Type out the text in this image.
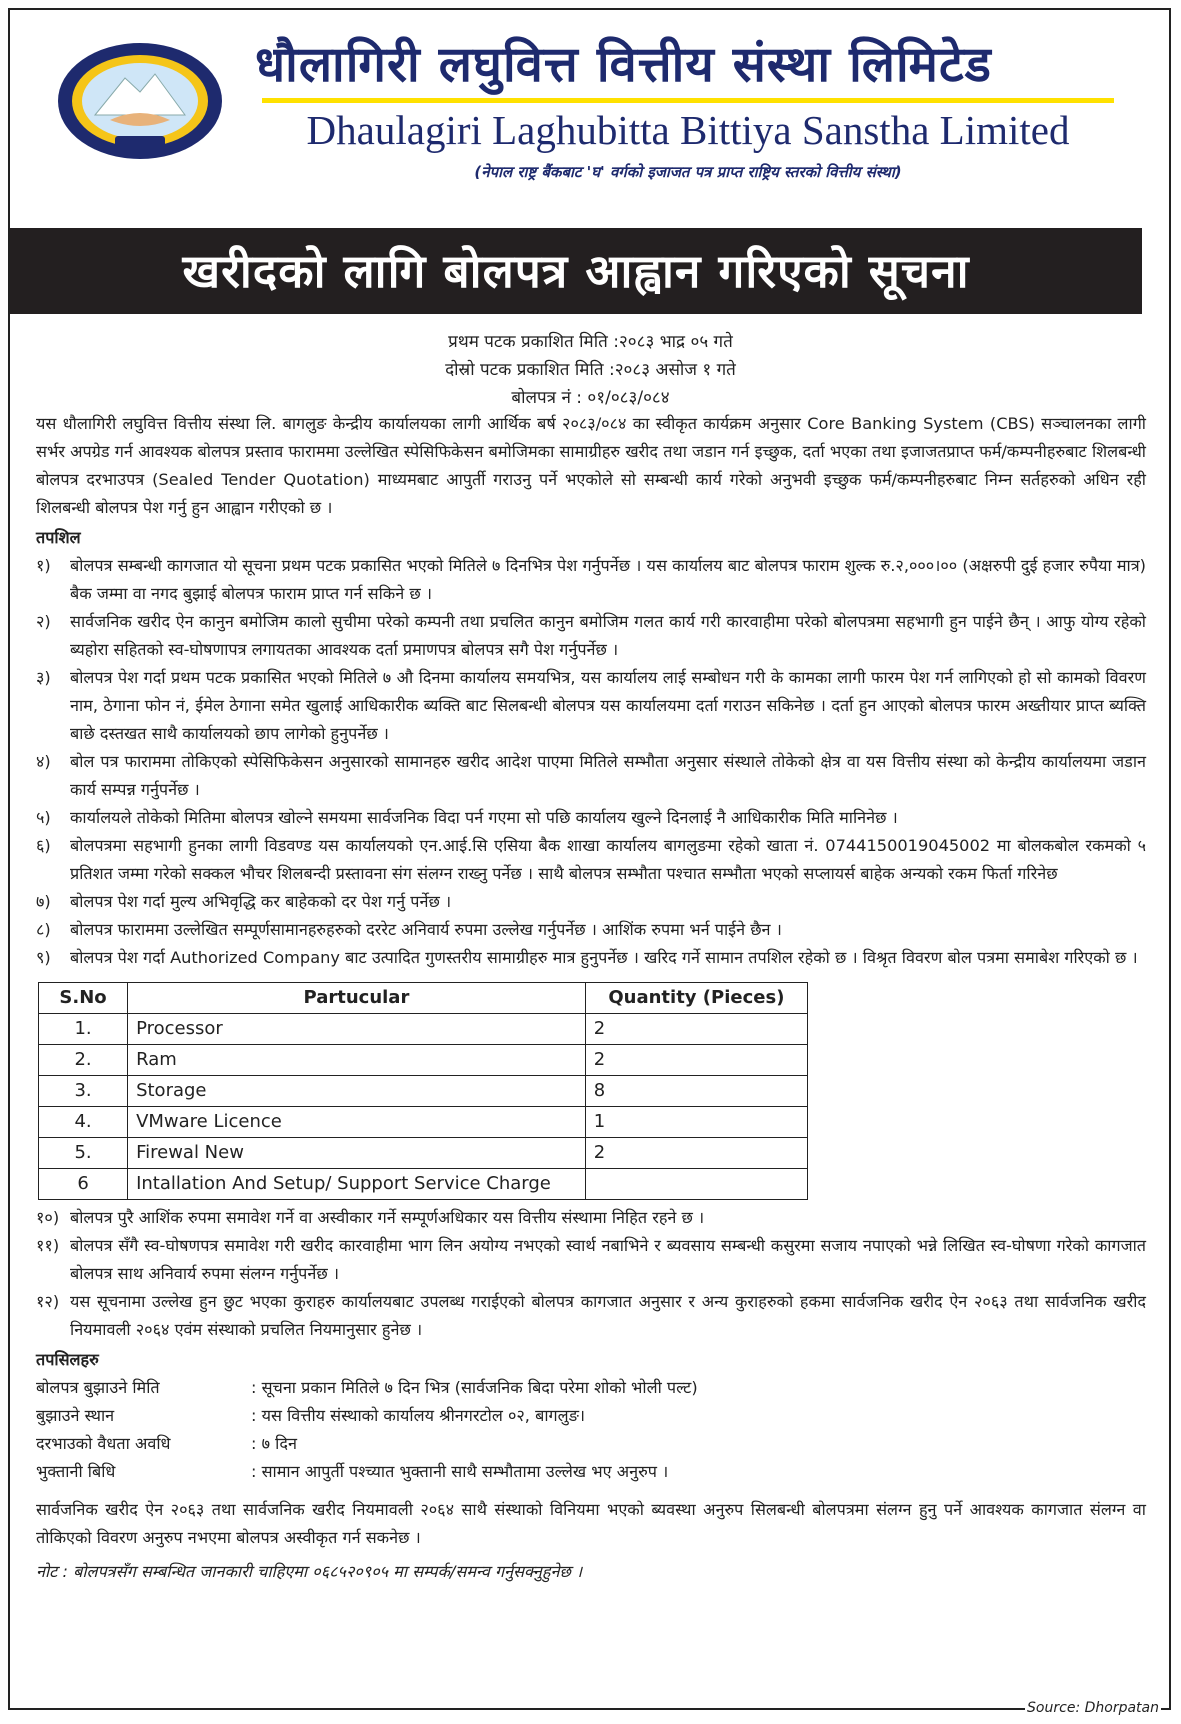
धौलागिरी लघुवित्त वित्तीय संस्था लिमिटेड
Dhaulagiri Laghubitta Bittiya Sanstha Limited
(नेपाल राष्ट्र बैंकबाट 'घ' वर्गको इजाजत पत्र प्राप्त राष्ट्रिय स्तरको वित्तीय संस्था)
खरीदको लागि बोलपत्र आह्वान गरिएको सूचना
प्रथम पटक प्रकाशित मिति :२०८३ भाद्र ०५ गते
दोस्रो पटक प्रकाशित मिति :२०८३ असोज १ गते
बोलपत्र नं : ०१/०८३/०८४

यस धौलागिरी लघुवित्त वित्तीय संस्था लि. बागलुङ केन्द्रीय कार्यालयका लागी आर्थिक बर्ष २०८३/०८४ का स्वीकृत कार्यक्रम अनुसार Core Banking System (CBS) सञ्चालनका लागी सर्भर अपग्रेड गर्न आवश्यक बोलपत्र प्रस्ताव फाराममा उल्लेखित स्पेसिफिकेसन बमोजिमका सामाग्रीहरु खरीद तथा जडान गर्न इच्छुक, दर्ता भएका तथा इजाजतप्राप्त फर्म/कम्पनीहरुबाट शिलबन्धी बोलपत्र दरभाउपत्र (Sealed Tender Quotation) माध्यमबाट आपुर्ती गराउनु पर्ने भएकोले सो सम्बन्धी कार्य गरेको अनुभवी इच्छुक फर्म/कम्पनीहरुबाट निम्न सर्तहरुको अधिन रही शिलबन्धी बोलपत्र पेश गर्नु हुन आह्वान गरीएको छ ।

तपशिल
१)	बोलपत्र सम्बन्धी कागजात यो सूचना प्रथम पटक प्रकासित भएको मितिले ७ दिनभित्र पेश गर्नुपर्नेछ । यस कार्यालय बाट बोलपत्र फाराम शुल्क रु.२,०००।०० (अक्षरुपी दुई हजार रुपैया मात्र) बैक जम्मा वा नगद बुझाई बोलपत्र फाराम प्राप्त गर्न सकिने छ ।
२)	सार्वजनिक खरीद ऐन कानुन बमोजिम कालो सुचीमा परेको कम्पनी तथा प्रचलित कानुन बमोजिम गलत कार्य गरी कारवाहीमा परेको बोलपत्रमा सहभागी हुन पाईने छैन् । आफु योग्य रहेको ब्यहोरा सहितको स्व-घोषणापत्र लगायतका आवश्यक दर्ता प्रमाणपत्र बोलपत्र सगै पेश गर्नुपर्नेछ ।
३)	बोलपत्र पेश गर्दा प्रथम पटक प्रकासित भएको मितिले ७ औ दिनमा कार्यालय समयभित्र, यस कार्यालय लाई सम्बोधन गरी के कामका लागी फारम पेश गर्न लागिएको हो सो कामको विवरण नाम, ठेगाना फोन नं, ईमेल ठेगाना समेत खुलाई आधिकारीक ब्यक्ति बाट सिलबन्धी बोलपत्र यस कार्यालयमा दर्ता गराउन सकिनेछ । दर्ता हुन आएको बोलपत्र फारम अख्तीयार प्राप्त ब्यक्ति बाछे दस्तखत साथै कार्यालयको छाप लागेको हुनुपर्नेछ ।
४)	बोल पत्र फाराममा तोकिएको स्पेसिफिकेसन अनुसारको सामानहरु खरीद आदेश पाएमा मितिले सम्भौता अनुसार संस्थाले तोकेको क्षेत्र वा यस वित्तीय संस्था को केन्द्रीय कार्यालयमा जडान कार्य सम्पन्न गर्नुपर्नेछ ।
५)	कार्यालयले तोकेको मितिमा बोलपत्र खोल्ने समयमा सार्वजनिक विदा पर्न गएमा सो पछि कार्यालय खुल्ने दिनलाई नै आधिकारीक मिति मानिनेछ ।
६)	बोलपत्रमा सहभागी हुनका लागी विडवण्ड यस कार्यालयको एन.आई.सि एसिया बैक शाखा कार्यालय बागलुङमा रहेको खाता नं. 0744150019045002 मा बोलकबोल रकमको ५ प्रतिशत जम्मा गरेको सक्कल भौचर शिलबन्दी प्रस्तावना संग संलग्न राख्नु पर्नेछ । साथै बोलपत्र सम्भौता पश्चात सम्भौता भएको सप्लायर्स बाहेक अन्यको रकम फिर्ता गरिनेछ
७)	बोलपत्र पेश गर्दा मुल्य अभिवृद्धि कर बाहेकको दर पेश गर्नु पर्नेछ ।
८)	बोलपत्र फाराममा उल्लेखित सम्पूर्णसामानहरुहरुको दररेट अनिवार्य रुपमा उल्लेख गर्नुपर्नेछ । आशिंक रुपमा भर्न पाईने छैन ।
९)	बोलपत्र पेश गर्दा Authorized Company बाट उत्पादित गुणस्तरीय सामाग्रीहरु मात्र हुनुपर्नेछ । खरिद गर्ने सामान तपशिल रहेको छ । विश्रृत विवरण बोल पत्रमा समाबेश गरिएको छ ।
S.No	Partucular	Quantity (Pieces)
1.	Processor	2
2.	Ram	2
3.	Storage	8
4.	VMware Licence	1
5.	Firewal New	2
6	Intallation And Setup/ Support Service Charge	
१०) बोलपत्र पुरै आशिंक रुपमा समावेश गर्ने वा अस्वीकार गर्ने सम्पूर्णअधिकार यस वित्तीय संस्थामा निहित रहने छ ।
११) बोलपत्र सँगै स्व-घोषणपत्र समावेश गरी खरीद कारवाहीमा भाग लिन अयोग्य नभएको स्वार्थ नबाभिने र ब्यवसाय सम्बन्धी कसुरमा सजाय नपाएको भन्ने लिखित स्व-घोषणा गरेको कागजात बोलपत्र साथ अनिवार्य रुपमा संलग्न गर्नुपर्नेछ ।
१२) यस सूचनामा उल्लेख हुन छुट भएका कुराहरु कार्यालयबाट उपलब्ध गराईएको बोलपत्र कागजात अनुसार र अन्य कुराहरुको हकमा सार्वजनिक खरीद ऐन २०६३ तथा सार्वजनिक खरीद नियमावली २०६४ एवंम संस्थाको प्रचलित नियमानुसार हुनेछ ।
तपसिलहरु
बोलपत्र बुझाउने मिति	: सूचना प्रकान मितिले ७ दिन भित्र (सार्वजनिक बिदा परेमा शोको भोली पल्ट)
बुझाउने स्थान	: यस वित्तीय संस्थाको कार्यालय श्रीनगरटोल ०२, बागलुङ।
दरभाउको वैधता अवधि	: ७ दिन
भुक्तानी बिधि	: सामान आपुर्ती पश्च्यात भुक्तानी साथै सम्भौतामा उल्लेख भए अनुरुप ।

सार्वजनिक खरीद ऐन २०६३ तथा सार्वजनिक खरीद नियमावली २०६४ साथै संस्थाको विनियमा भएको ब्यवस्था अनुरुप सिलबन्धी बोलपत्रमा संलग्न हुनु पर्ने आवश्यक कागजात संलग्न वा तोकिएको विवरण अनुरुप नभएमा बोलपत्र अस्वीकृत गर्न सकनेछ ।

नोट : बोलपत्रसँग सम्बन्धित जानकारी चाहिएमा ०६८५२०९०५ मा सम्पर्क/समन्व गर्नुसक्नुहुनेछ ।
Source: Dhorpatan
